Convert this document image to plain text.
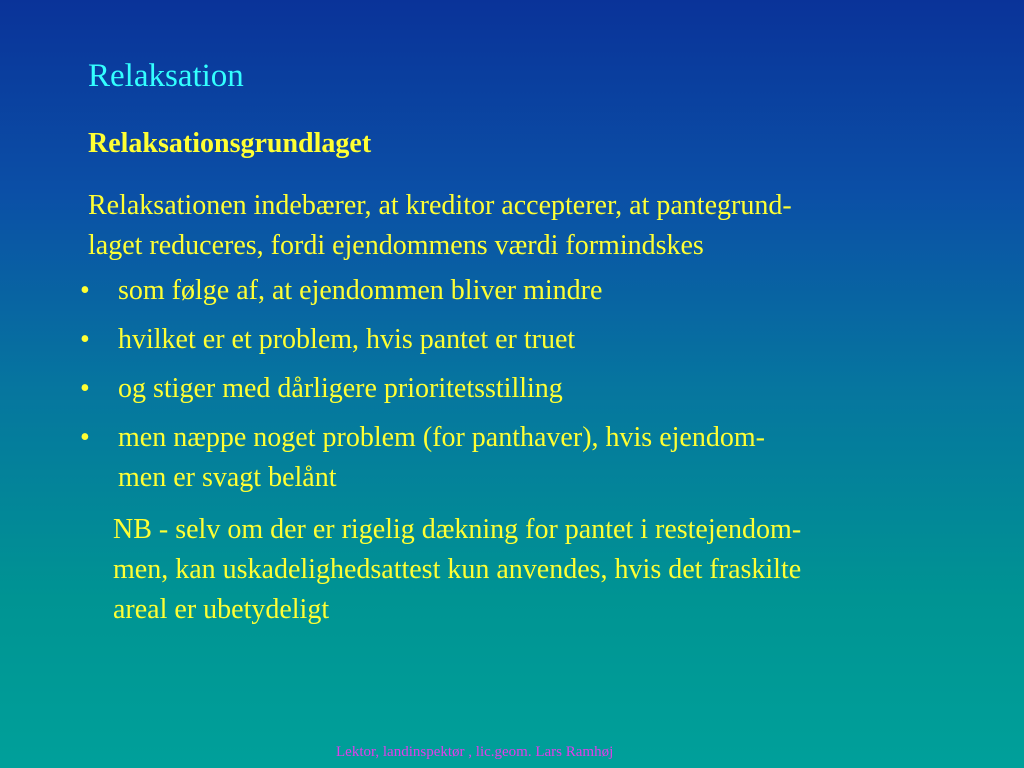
Relaksation
Relaksationsgrundlaget
Relaksationen indebærer, at kreditor accepterer, at pantegrund-
laget reduceres, fordi ejendommens værdi formindskes
• som følge af, at ejendommen bliver mindre
• hvilket er et problem, hvis pantet er truet
• og stiger med dårligere prioritetsstilling
• men næppe noget problem (for panthaver), hvis ejendom-
men er svagt belånt
NB - selv om der er rigelig dækning for pantet i restejendom-
men, kan uskadelighedsattest kun anvendes, hvis det fraskilte
areal er ubetydeligt
Lektor, landinspektør , lic.geom. Lars Ramhøj
